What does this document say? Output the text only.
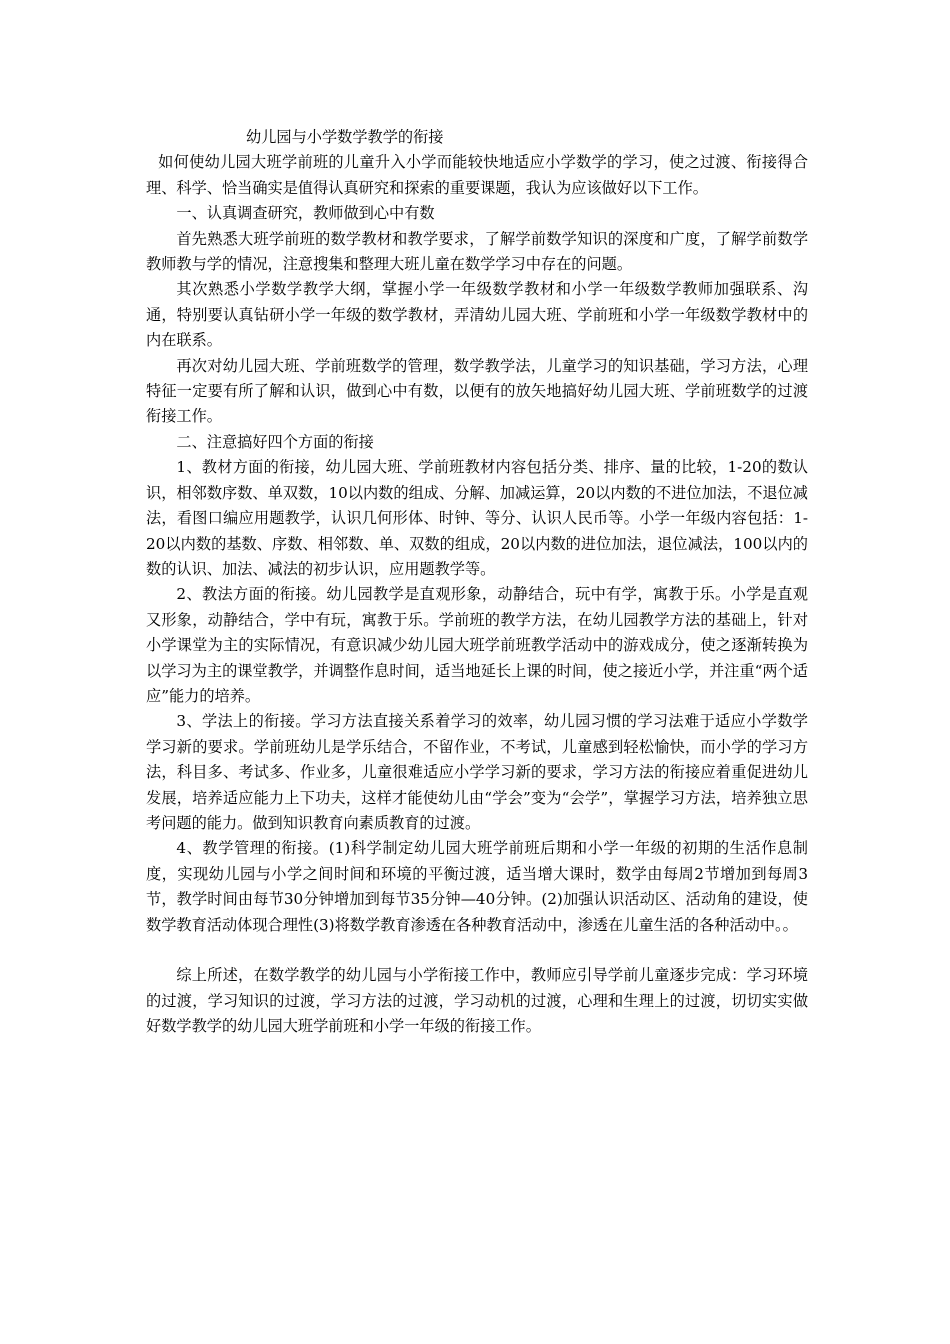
幼儿园与小学数学教学的衔接

如何使幼儿园大班学前班的儿童升入小学而能较快地适应小学数学的学习，使之过渡、衔接得合理、科学、恰当确实是值得认真研究和探索的重要课题，我认为应该做好以下工作。

一、认真调查研究，教师做到心中有数

首先熟悉大班学前班的数学教材和教学要求，了解学前数学知识的深度和广度，了解学前数学教师教与学的情况，注意搜集和整理大班儿童在数学学习中存在的问题。

其次熟悉小学数学教学大纲，掌握小学一年级数学教材和小学一年级数学教师加强联系、沟通，特别要认真钻研小学一年级的数学教材，弄清幼儿园大班、学前班和小学一年级数学教材中的内在联系。

再次对幼儿园大班、学前班数学的管理，数学教学法，儿童学习的知识基础，学习方法，心理特征一定要有所了解和认识，做到心中有数，以便有的放矢地搞好幼儿园大班、学前班数学的过渡衔接工作。

二、注意搞好四个方面的衔接

1、教材方面的衔接，幼儿园大班、学前班教材内容包括分类、排序、量的比较，1-20的数认识，相邻数序数、单双数，10以内数的组成、分解、加减运算，20以内数的不进位加法，不退位减法，看图口编应用题教学，认识几何形体、时钟、等分、认识人民币等。小学一年级内容包括：1-20以内数的基数、序数、相邻数、单、双数的组成，20以内数的进位加法，退位减法，100以内的数的认识、加法、减法的初步认识，应用题教学等。

2、教法方面的衔接。幼儿园教学是直观形象，动静结合，玩中有学，寓教于乐。小学是直观又形象，动静结合，学中有玩，寓教于乐。学前班的教学方法，在幼儿园教学方法的基础上，针对小学课堂为主的实际情况，有意识减少幼儿园大班学前班教学活动中的游戏成分，使之逐渐转换为以学习为主的课堂教学，并调整作息时间，适当地延长上课的时间，使之接近小学，并注重“两个适应”能力的培养。

3、学法上的衔接。学习方法直接关系着学习的效率，幼儿园习惯的学习法难于适应小学数学学习新的要求。学前班幼儿是学乐结合，不留作业，不考试，儿童感到轻松愉快，而小学的学习方法，科目多、考试多、作业多，儿童很难适应小学学习新的要求，学习方法的衔接应着重促进幼儿发展，培养适应能力上下功夫，这样才能使幼儿由“学会”变为“会学”，掌握学习方法，培养独立思考问题的能力。做到知识教育向素质教育的过渡。

4、教学管理的衔接。(1)科学制定幼儿园大班学前班后期和小学一年级的初期的生活作息制度，实现幼儿园与小学之间时间和环境的平衡过渡，适当增大课时，数学由每周2节增加到每周3节，教学时间由每节30分钟增加到每节35分钟—40分钟。(2)加强认识活动区、活动角的建设，使数学教育活动体现合理性(3)将数学教育渗透在各种教育活动中，渗透在儿童生活的各种活动中。。

综上所述，在数学教学的幼儿园与小学衔接工作中，教师应引导学前儿童逐步完成：学习环境的过渡，学习知识的过渡，学习方法的过渡，学习动机的过渡，心理和生理上的过渡，切切实实做好数学教学的幼儿园大班学前班和小学一年级的衔接工作。
